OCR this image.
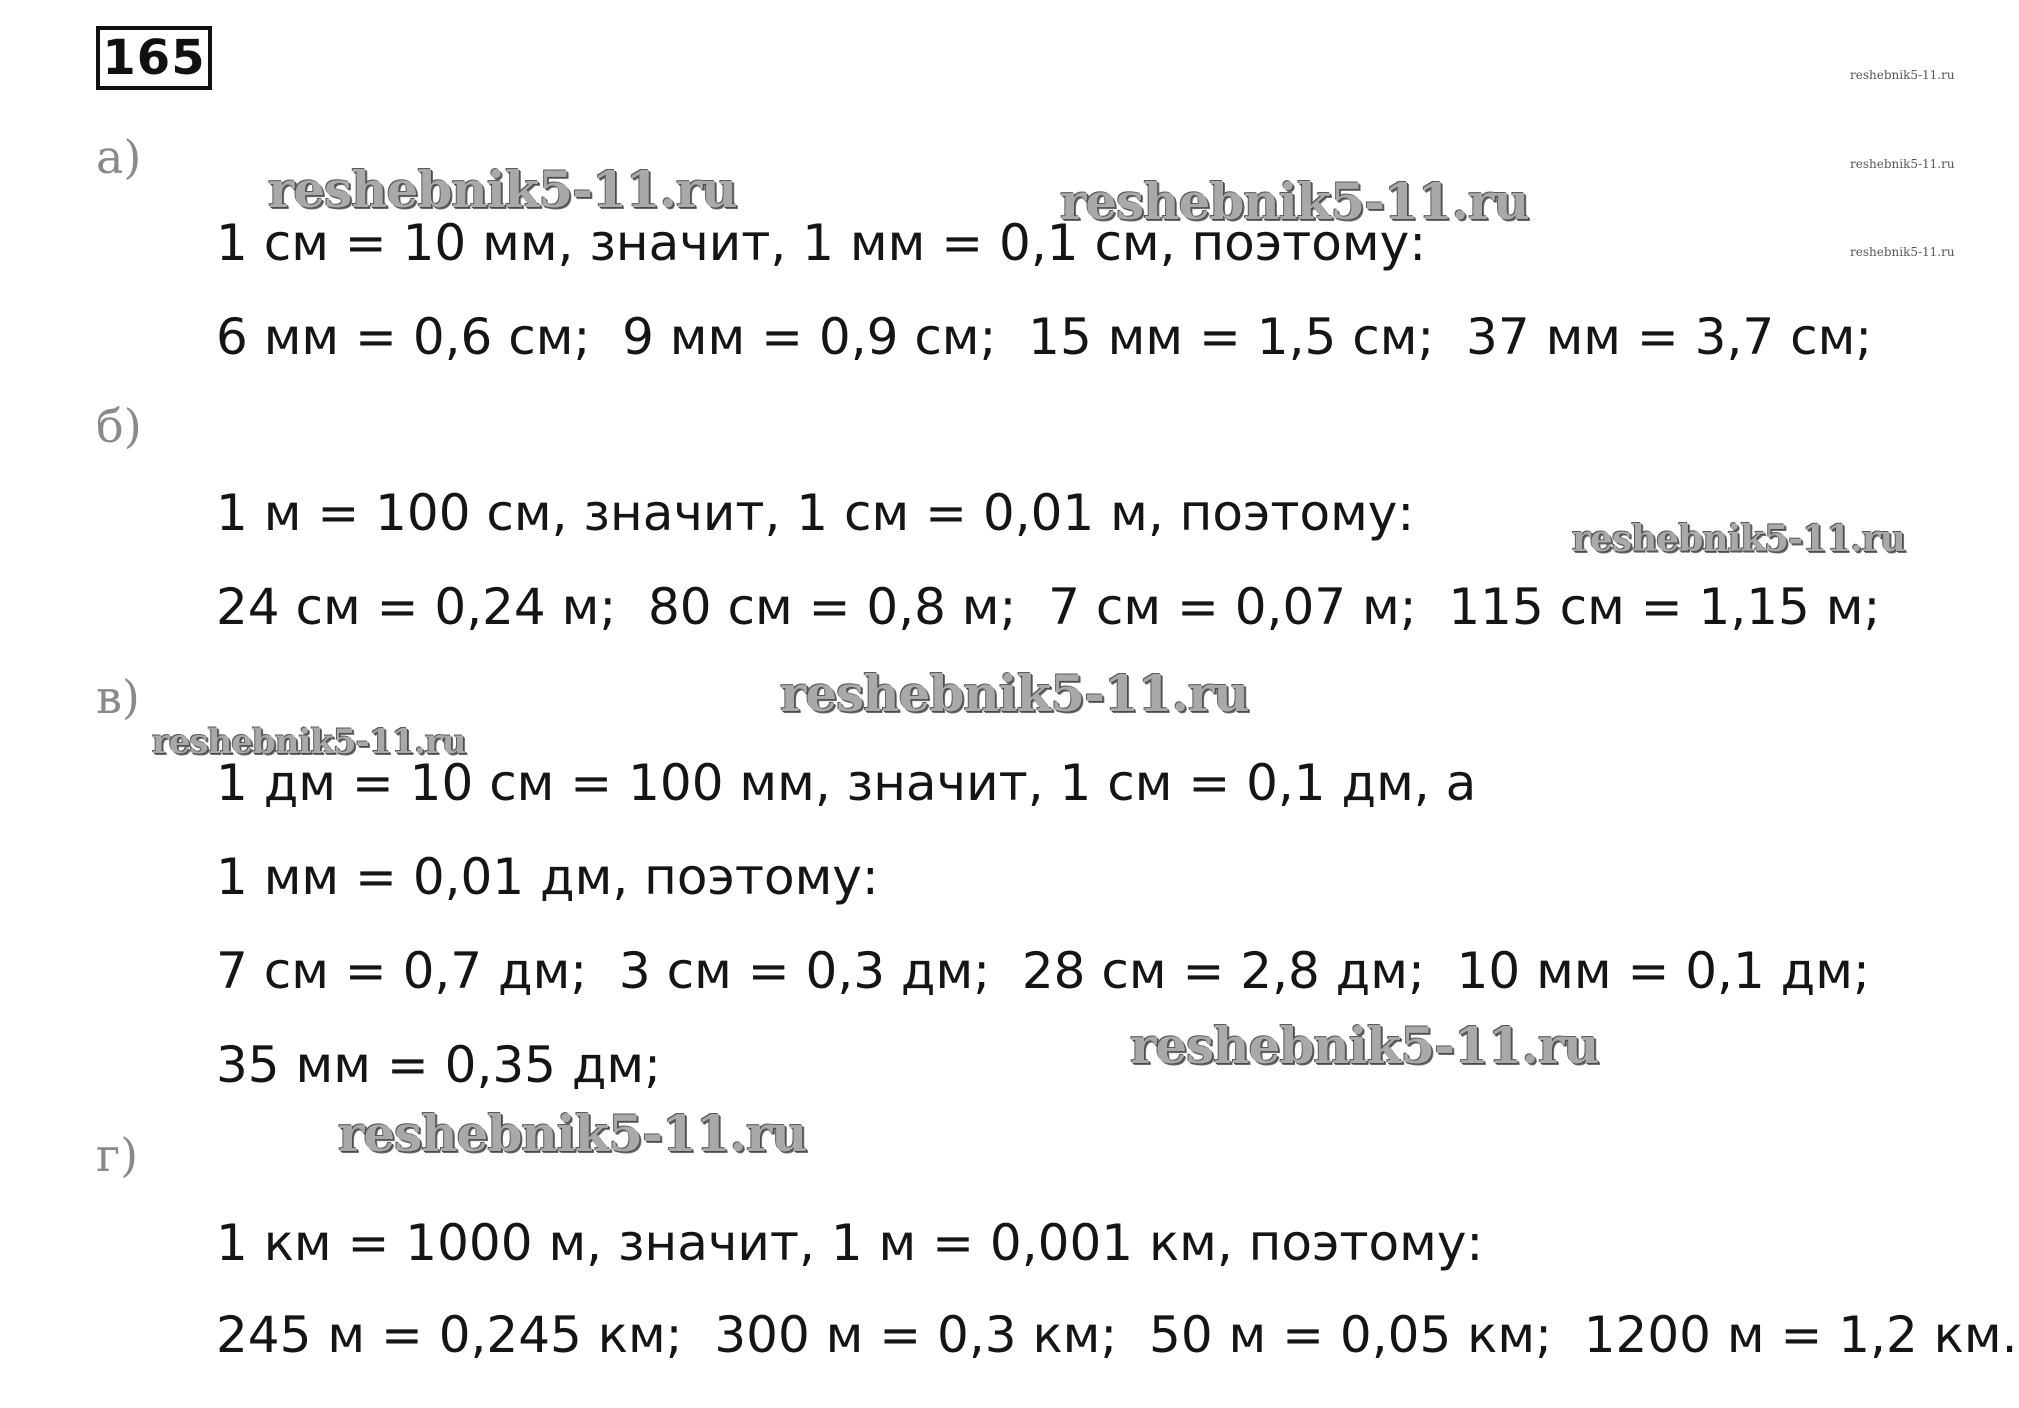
165
а)
1 см = 10 мм, значит, 1 мм = 0,1 см, поэтому:
6 мм = 0,6 см;  9 мм = 0,9 см;  15 мм = 1,5 см;  37 мм = 3,7 см;
б)
1 м = 100 см, значит, 1 см = 0,01 м, поэтому:
24 см = 0,24 м;  80 см = 0,8 м;  7 см = 0,07 м;  115 см = 1,15 м;
в)
1 дм = 10 см = 100 мм, значит, 1 см = 0,1 дм, а
1 мм = 0,01 дм, поэтому:
7 см = 0,7 дм;  3 см = 0,3 дм;  28 см = 2,8 дм;  10 мм = 0,1 дм;
35 мм = 0,35 дм;
г)
1 км = 1000 м, значит, 1 м = 0,001 км, поэтому:
245 м = 0,245 км;  300 м = 0,3 км;  50 м = 0,05 км;  1200 м = 1,2 км.
reshebnik5-11.ru	reshebnik5-11.ru
reshebnik5-11.ru
reshebnik5-11.ru
reshebnik5-11.ru
reshebnik5-11.ru
reshebnik5-11.ru
reshebnik5-11.ru
reshebnik5-11.ru
reshebnik5-11.ru
